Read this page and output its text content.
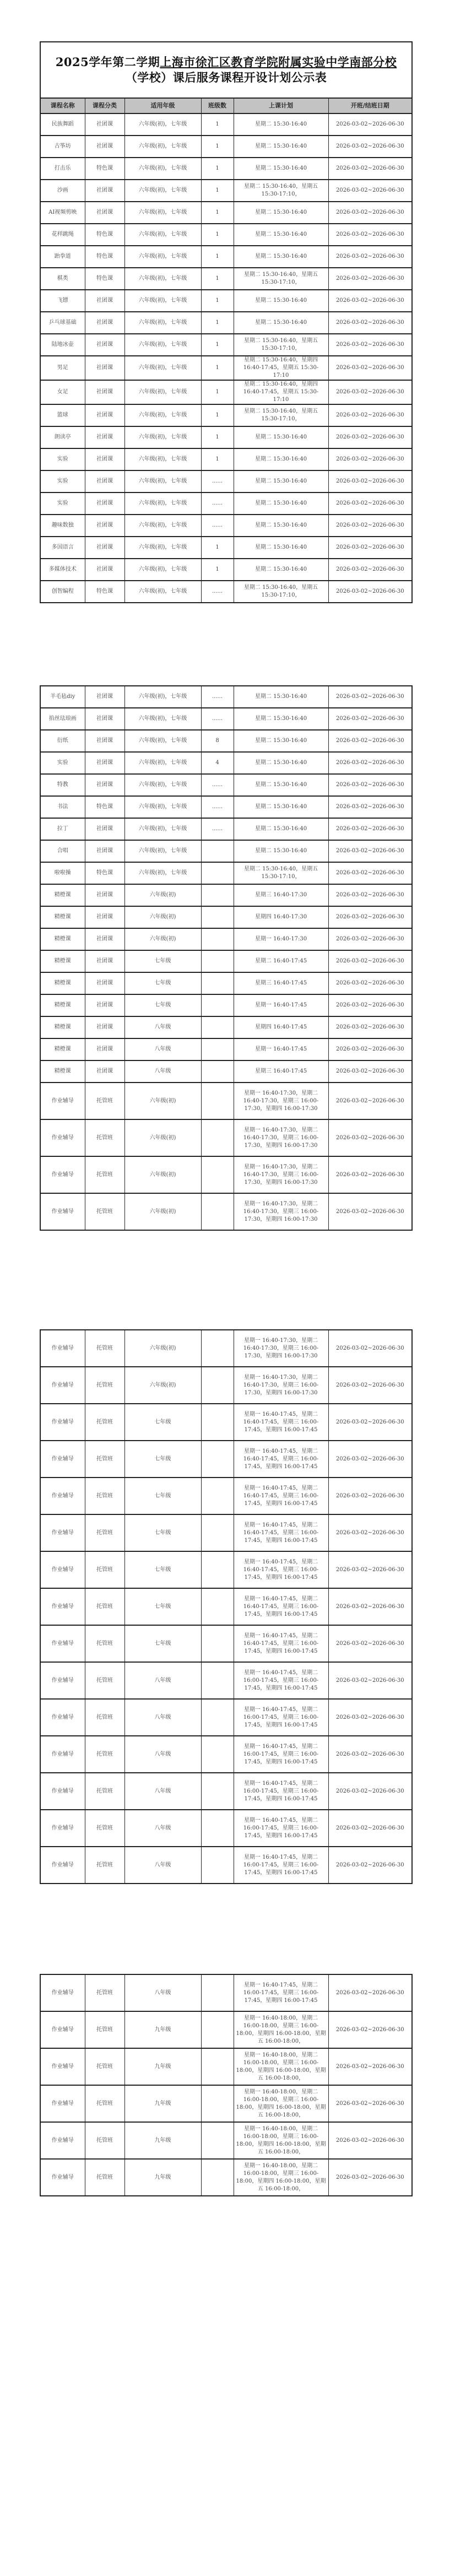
2025学年第二学期上海市徐汇区教育学院附属实验中学南部分校
（学校）课后服务课程开设计划公示表					
课程名称	课程分类	适用年级	班级数	上课计划	开班/结班日期
民族舞蹈	社团课	六年级(初)，七年级	1	星期二 15:30-16:40	2026-03-02~2026-06-30
古筝坊	社团课	六年级(初)，七年级	1	星期二 15:30-16:40	2026-03-02~2026-06-30
打击乐	特色课	六年级(初)，七年级	1	星期二 15:30-16:40	2026-03-02~2026-06-30
沙画	社团课	六年级(初)，七年级	1	星期二 15:30-16:40，星期五 15:30-17:10，	2026-03-02~2026-06-30
AI视频剪映	社团课	六年级(初)，七年级	1	星期二 15:30-16:40	2026-03-02~2026-06-30
花样跳绳	特色课	六年级(初)，七年级	1	星期二 15:30-16:40	2026-03-02~2026-06-30
跆拳道	特色课	六年级(初)，七年级	1	星期二 15:30-16:40	2026-03-02~2026-06-30
棋类	特色课	六年级(初)，七年级	1	星期二 15:30-16:40，星期五 15:30-17:10，	2026-03-02~2026-06-30
飞镖	社团课	六年级(初)，七年级	1	星期二 15:30-16:40	2026-03-02~2026-06-30
乒乓球基础	社团课	六年级(初)，七年级	1	星期二 15:30-16:40	2026-03-02~2026-06-30
陆地冰壶	社团课	六年级(初)，七年级	1	星期二 15:30-16:40，星期五 15:30-17:10，	2026-03-02~2026-06-30
男足	社团课	六年级(初)，七年级	1	星期二 15:30-16:40，星期四 16:40-17:45，星期五 15:30-17:10	2026-03-02~2026-06-30
女足	社团课	六年级(初)，七年级	1	星期二 15:30-16:40，星期四 16:40-17:45，星期五 15:30-17:10	2026-03-02~2026-06-30
篮球	社团课	六年级(初)，七年级	1	星期二 15:30-16:40，星期五 15:30-17:10，	2026-03-02~2026-06-30
朗读亭	社团课	六年级(初)，七年级	1	星期二 15:30-16:40	2026-03-02~2026-06-30
实验	社团课	六年级(初)，七年级	1	星期二 15:30-16:40	2026-03-02~2026-06-30
实验	社团课	六年级(初)，七年级	......	星期二 15:30-16:40	2026-03-02~2026-06-30
实验	社团课	六年级(初)，七年级	......	星期二 15:30-16:40	2026-03-02~2026-06-30
趣味数独	社团课	六年级(初)，七年级	......	星期二 15:30-16:40	2026-03-02~2026-06-30
多国语言	社团课	六年级(初)，七年级	1	星期二 15:30-16:40	2026-03-02~2026-06-30
多媒体技术	社团课	六年级(初)，七年级	1	星期二 15:30-16:40	2026-03-02~2026-06-30
创智编程	特色课	六年级(初)，七年级	......	星期二 15:30-16:40，星期五 15:30-17:10，	2026-03-02~2026-06-30
羊毛毡diy	社团课	六年级(初)，七年级	......	星期二 15:30-16:40	2026-03-02~2026-06-30
掐丝珐琅画	社团课	六年级(初)，七年级	......	星期二 15:30-16:40	2026-03-02~2026-06-30
衍纸	社团课	六年级(初)，七年级	8	星期二 15:30-16:40	2026-03-02~2026-06-30
实验	社团课	六年级(初)，七年级	4	星期二 15:30-16:40	2026-03-02~2026-06-30
特教	社团课	六年级(初)，七年级	......	星期二 15:30-16:40	2026-03-02~2026-06-30
书法	特色课	六年级(初)，七年级	......	星期二 15:30-16:40	2026-03-02~2026-06-30
拉丁	社团课	六年级(初)，七年级	......	星期二 15:30-16:40	2026-03-02~2026-06-30
合唱	社团课	六年级(初)，七年级		星期二 15:30-16:40	2026-03-02~2026-06-30
啦啦操	特色课	六年级(初)，七年级		星期二 15:30-16:40，星期五 15:30-17:10，	2026-03-02~2026-06-30
精橙课	社团课	六年级(初)		星期三 16:40-17:30	2026-03-02~2026-06-30
精橙课	社团课	六年级(初)		星期四 16:40-17:30	2026-03-02~2026-06-30
精橙课	社团课	六年级(初)		星期一 16:40-17:30	2026-03-02~2026-06-30
精橙课	社团课	七年级		星期二 16:40-17:45	2026-03-02~2026-06-30
精橙课	社团课	七年级		星期三 16:40-17:45	2026-03-02~2026-06-30
精橙课	社团课	七年级		星期一 16:40-17:45	2026-03-02~2026-06-30
精橙课	社团课	八年级		星期四 16:40-17:45	2026-03-02~2026-06-30
精橙课	社团课	八年级		星期一 16:40-17:45	2026-03-02~2026-06-30
精橙课	社团课	八年级		星期三 16:40-17:45	2026-03-02~2026-06-30
作业辅导	托管班	六年级(初)		星期一 16:40-17:30，星期二 16:40-17:30，星期三 16:00-17:30，星期四 16:00-17:30	2026-03-02~2026-06-30
作业辅导	托管班	六年级(初)		星期一 16:40-17:30，星期二 16:40-17:30，星期三 16:00-17:30，星期四 16:00-17:30	2026-03-02~2026-06-30
作业辅导	托管班	六年级(初)		星期一 16:40-17:30，星期二 16:40-17:30，星期三 16:00-17:30，星期四 16:00-17:30	2026-03-02~2026-06-30
作业辅导	托管班	六年级(初)		星期一 16:40-17:30，星期二 16:40-17:30，星期三 16:00-17:30，星期四 16:00-17:30	2026-03-02~2026-06-30
作业辅导	托管班	六年级(初)		星期一 16:40-17:30，星期二 16:40-17:30，星期三 16:00-17:30，星期四 16:00-17:30	2026-03-02~2026-06-30
作业辅导	托管班	六年级(初)		星期一 16:40-17:30，星期二 16:40-17:30，星期三 16:00-17:30，星期四 16:00-17:30	2026-03-02~2026-06-30
作业辅导	托管班	七年级		星期一 16:40-17:45，星期二 16:40-17:45，星期三 16:00-17:45，星期四 16:00-17:45	2026-03-02~2026-06-30
作业辅导	托管班	七年级		星期一 16:40-17:45，星期二 16:40-17:45，星期三 16:00-17:45，星期四 16:00-17:45	2026-03-02~2026-06-30
作业辅导	托管班	七年级		星期一 16:40-17:45，星期二 16:40-17:45，星期三 16:00-17:45，星期四 16:00-17:45	2026-03-02~2026-06-30
作业辅导	托管班	七年级		星期一 16:40-17:45，星期二 16:40-17:45，星期三 16:00-17:45，星期四 16:00-17:45	2026-03-02~2026-06-30
作业辅导	托管班	七年级		星期一 16:40-17:45，星期二 16:40-17:45，星期三 16:00-17:45，星期四 16:00-17:45	2026-03-02~2026-06-30
作业辅导	托管班	七年级		星期一 16:40-17:45，星期二 16:40-17:45，星期三 16:00-17:45，星期四 16:00-17:45	2026-03-02~2026-06-30
作业辅导	托管班	七年级		星期一 16:40-17:45，星期二 16:40-17:45，星期三 16:00-17:45，星期四 16:00-17:45	2026-03-02~2026-06-30
作业辅导	托管班	八年级		星期一 16:40-17:45，星期二 16:00-17:45，星期三 16:00-17:45，星期四 16:00-17:45	2026-03-02~2026-06-30
作业辅导	托管班	八年级		星期一 16:40-17:45，星期二 16:00-17:45，星期三 16:00-17:45，星期四 16:00-17:45	2026-03-02~2026-06-30
作业辅导	托管班	八年级		星期一 16:40-17:45，星期二 16:00-17:45，星期三 16:00-17:45，星期四 16:00-17:45	2026-03-02~2026-06-30
作业辅导	托管班	八年级		星期一 16:40-17:45，星期二 16:00-17:45，星期三 16:00-17:45，星期四 16:00-17:45	2026-03-02~2026-06-30
作业辅导	托管班	八年级		星期一 16:40-17:45，星期二 16:00-17:45，星期三 16:00-17:45，星期四 16:00-17:45	2026-03-02~2026-06-30
作业辅导	托管班	八年级		星期一 16:40-17:45，星期二 16:00-17:45，星期三 16:00-17:45，星期四 16:00-17:45	2026-03-02~2026-06-30
作业辅导	托管班	八年级		星期一 16:40-17:45，星期二 16:00-17:45，星期三 16:00-17:45，星期四 16:00-17:45	2026-03-02~2026-06-30
作业辅导	托管班	九年级		星期一 16:40-18:00，星期二 16:00-18:00，星期三 16:00-18:00，星期四 16:00-18:00，星期五 16:00-18:00，	2026-03-02~2026-06-30
作业辅导	托管班	九年级		星期一 16:40-18:00，星期二 16:00-18:00，星期三 16:00-18:00，星期四 16:00-18:00，星期五 16:00-18:00，	2026-03-02~2026-06-30
作业辅导	托管班	九年级		星期一 16:40-18:00，星期二 16:00-18:00，星期三 16:00-18:00，星期四 16:00-18:00，星期五 16:00-18:00，	2026-03-02~2026-06-30
作业辅导	托管班	九年级		星期一 16:40-18:00，星期二 16:00-18:00，星期三 16:00-18:00，星期四 16:00-18:00，星期五 16:00-18:00，	2026-03-02~2026-06-30
作业辅导	托管班	九年级		星期一 16:40-18:00，星期二 16:00-18:00，星期三 16:00-18:00，星期四 16:00-18:00，星期五 16:00-18:00，	2026-03-02~2026-06-30
